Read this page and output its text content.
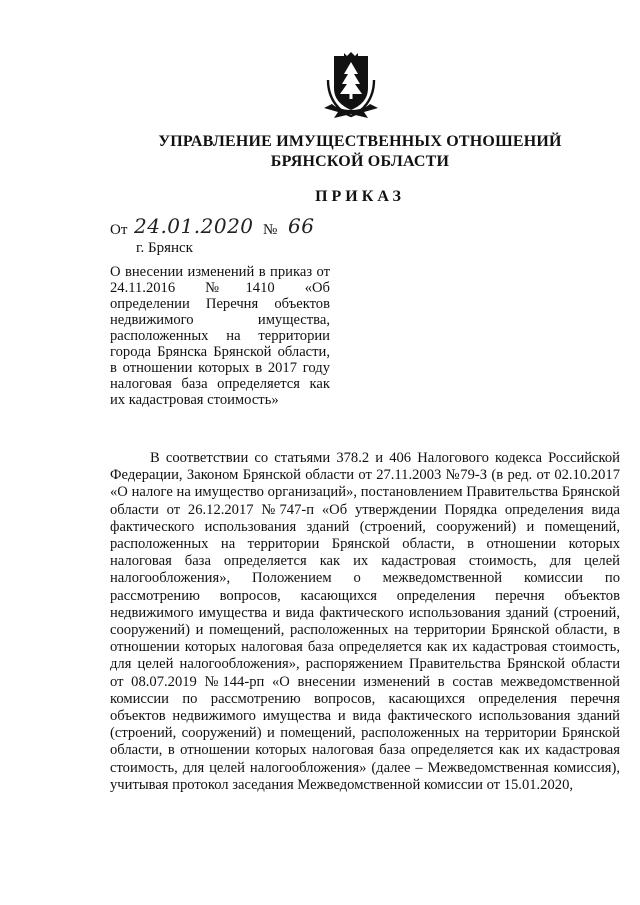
УПРАВЛЕНИЕ ИМУЩЕСТВЕННЫХ ОТНОШЕНИЙ
БРЯНСКОЙ ОБЛАСТИ
ПРИКАЗ
От 24.01.2020 № 66
г. Брянск
О внесении изменений в приказ от 24.11.2016 №1410 «Об определении Перечня объектов недвижимого имущества, расположенных на территории города Брянска Брянской области, в отношении которых в 2017 году налоговая база определяется как их кадастровая стоимость»

В соответствии со статьями 378.2 и 406 Налогового кодекса Российской Федерации, Законом Брянской области от 27.11.2003 №79-З (в ред. от 02.10.2017 «О налоге на имущество организаций», постановлением Правительства Брянской области от 26.12.2017 №747-п «Об утверждении Порядка определения вида фактического использования зданий (строений, сооружений) и помещений, расположенных на территории Брянской области, в отношении которых налоговая база определяется как их кадастровая стоимость, для целей налогообложения», Положением о межведомственной комиссии по рассмотрению вопросов, касающихся определения перечня объектов недвижимого имущества и вида фактического использования зданий (строений, сооружений) и помещений, расположенных на территории Брянской области, в отношении которых налоговая база определяется как их кадастровая стоимость, для целей налогообложения», распоряжением Правительства Брянской области от 08.07.2019 №144-рп «О внесении изменений в состав межведомственной комиссии по рассмотрению вопросов, касающихся определения перечня объектов недвижимого имущества и вида фактического использования зданий (строений, сооружений) и помещений, расположенных на территории Брянской области, в отношении которых налоговая база определяется как их кадастровая стоимость, для целей налогообложения» (далее – Межведомственная комиссия), учитывая протокол заседания Межведомственной комиссии от 15.01.2020,
